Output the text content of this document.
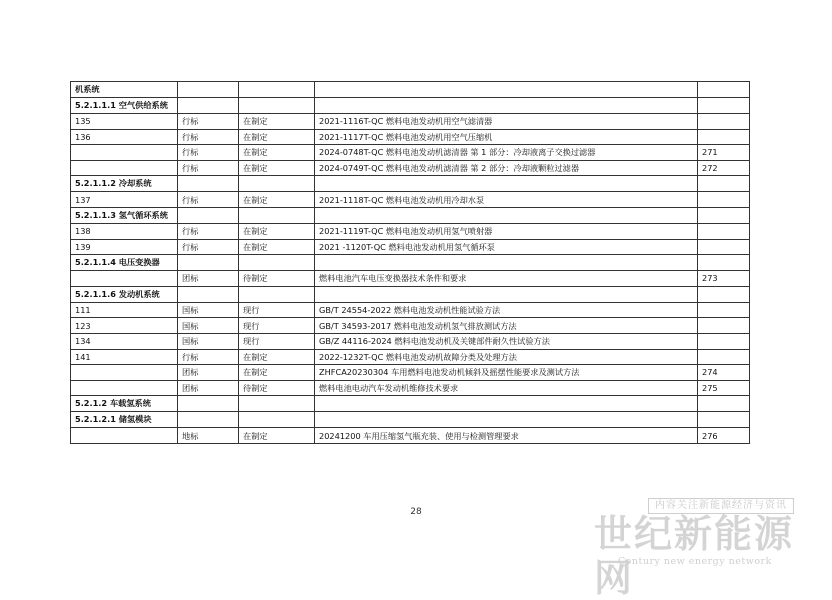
机系统				
5.2.1.1.1 空气供给系统				
135	行标	在制定	2021-1116T-QC 燃料电池发动机用空气滤清器	
136	行标	在制定	2021-1117T-QC 燃料电池发动机用空气压缩机	
	行标	在制定	2024-0748T-QC 燃料电池发动机滤清器 第 1 部分：冷却液离子交换过滤器	271
	行标	在制定	2024-0749T-QC 燃料电池发动机滤清器 第 2 部分：冷却液颗粒过滤器	272
5.2.1.1.2 冷却系统				
137	行标	在制定	2021-1118T-QC 燃料电池发动机用冷却水泵	
5.2.1.1.3 氢气循环系统				
138	行标	在制定	2021-1119T-QC 燃料电池发动机用氢气喷射器	
139	行标	在制定	2021 -1120T-QC 燃料电池发动机用氢气循环泵	
5.2.1.1.4 电压变换器				
	团标	待制定	燃料电池汽车电压变换器技术条件和要求	273
5.2.1.1.6 发动机系统				
111	国标	现行	GB/T 24554-2022 燃料电池发动机性能试验方法	
123	国标	现行	GB/T 34593-2017 燃料电池发动机氢气排放测试方法	
134	国标	现行	GB/Z 44116-2024 燃料电池发动机及关键部件耐久性试验方法	
141	行标	在制定	2022-1232T-QC 燃料电池发动机故障分类及处理方法	
	团标	在制定	ZHFCA20230304 车用燃料电池发动机倾斜及摇摆性能要求及测试方法	274
	团标	待制定	燃料电池电动汽车发动机维修技术要求	275
5.2.1.2 车载氢系统				
5.2.1.2.1 储氢模块				
	地标	在制定	20241200 车用压缩氢气瓶充装、使用与检测管理要求	276
28
内容关注新能源经济与资讯
世纪新能源网
Century new energy network
